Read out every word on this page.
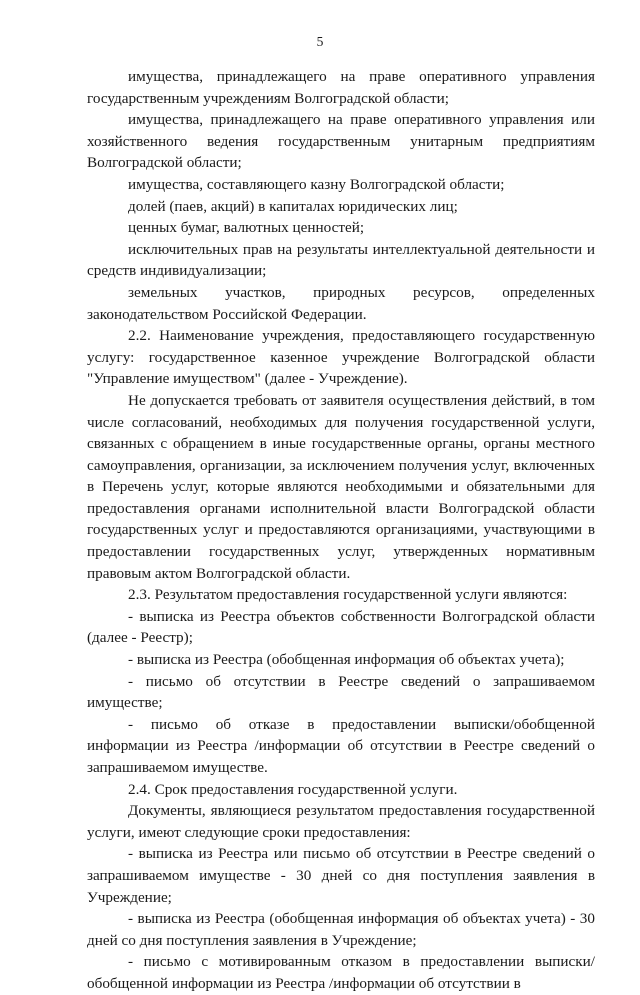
5

имущества, принадлежащего на праве оперативного управления государственным учреждениям Волгоградской области;

имущества, принадлежащего на праве оперативного управления или хозяйственного ведения государственным унитарным предприятиям Волгоградской области;

имущества, составляющего казну Волгоградской области;

долей (паев, акций) в капиталах юридических лиц;

ценных бумаг, валютных ценностей;

исключительных прав на результаты интеллектуальной деятельности и средств индивидуализации;

земельных участков, природных ресурсов, определенных законодательством Российской Федерации.

2.2. Наименование учреждения, предоставляющего государственную услугу: государственное казенное учреждение Волгоградской области "Управление имуществом" (далее - Учреждение).

Не допускается требовать от заявителя осуществления действий, в том числе согласований, необходимых для получения государственной услуги, связанных с обращением в иные государственные органы, органы местного самоуправления, организации, за исключением получения услуг, включенных в Перечень услуг, которые являются необходимыми и обязательными для предоставления органами исполнительной власти Волгоградской области государственных услуг и предоставляются организациями, участвующими в предоставлении государственных услуг, утвержденных нормативным правовым актом Волгоградской области.

2.3. Результатом предоставления государственной услуги являются:

- выписка из Реестра объектов собственности Волгоградской области (далее - Реестр);

- выписка из Реестра (обобщенная информация об объектах учета);

- письмо об отсутствии в Реестре сведений о запрашиваемом имуществе;

- письмо об отказе в предоставлении выписки/обобщенной информации из Реестра /информации об отсутствии в Реестре сведений о запрашиваемом имуществе.

2.4. Срок предоставления государственной услуги.

Документы, являющиеся результатом предоставления государственной услуги, имеют следующие сроки предоставления:

- выписка из Реестра или письмо об отсутствии в Реестре сведений о запрашиваемом имуществе - 30 дней со дня поступления заявления в Учреждение;

- выписка из Реестра (обобщенная информация об объектах учета) - 30 дней со дня поступления заявления в Учреждение;

- письмо с мотивированным отказом в предоставлении выписки/обобщенной информации из Реестра /информации об отсутствии в
